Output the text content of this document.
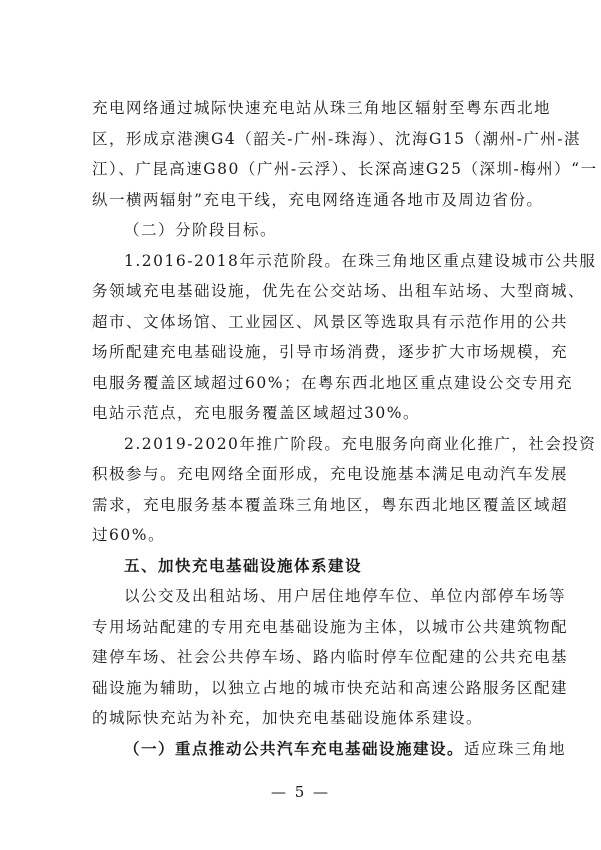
充电网络通过城际快速充电站从珠三角地区辐射至粤东西北地
区，形成京港澳G4（韶关-广州-珠海）、沈海G15（潮州-广州-湛
江）、广昆高速G80（广州-云浮）、长深高速G25（深圳-梅州）“一
纵一横两辐射”充电干线，充电网络连通各地市及周边省份。
（二）分阶段目标。
1.2016-2018年示范阶段。在珠三角地区重点建设城市公共服
务领域充电基础设施，优先在公交站场、出租车站场、大型商城、
超市、文体场馆、工业园区、风景区等选取具有示范作用的公共
场所配建充电基础设施，引导市场消费，逐步扩大市场规模，充
电服务覆盖区域超过60%；在粤东西北地区重点建设公交专用充
电站示范点，充电服务覆盖区域超过30%。
2.2019-2020年推广阶段。充电服务向商业化推广，社会投资
积极参与。充电网络全面形成，充电设施基本满足电动汽车发展
需求，充电服务基本覆盖珠三角地区，粤东西北地区覆盖区域超
过60%。
五、加快充电基础设施体系建设
以公交及出租站场、用户居住地停车位、单位内部停车场等
专用场站配建的专用充电基础设施为主体，以城市公共建筑物配
建停车场、社会公共停车场、路内临时停车位配建的公共充电基
础设施为辅助，以独立占地的城市快充站和高速公路服务区配建
的城际快充站为补充，加快充电基础设施体系建设。
（一）重点推动公共汽车充电基础设施建设。适应珠三角地
— 5 —
